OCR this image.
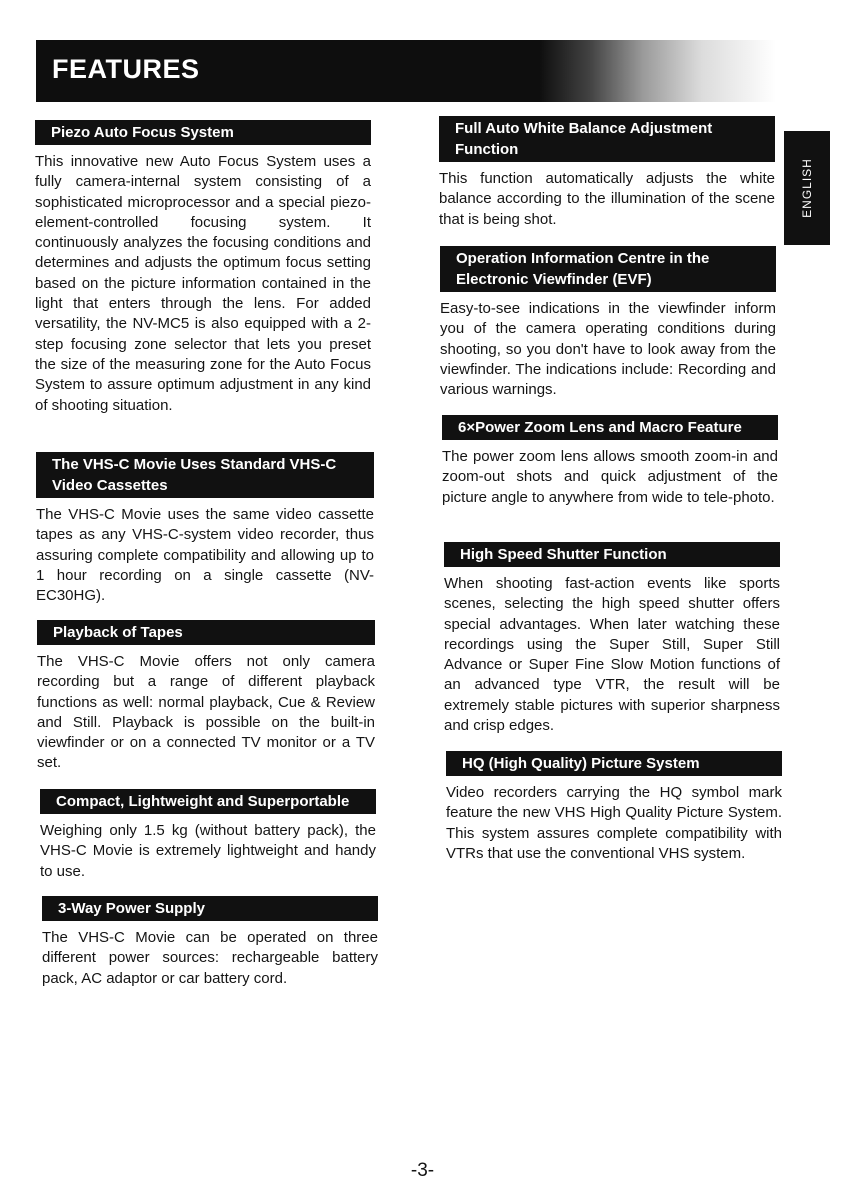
FEATURES
ENGLISH
Piezo Auto Focus System
This innovative new Auto Focus System uses a fully camera-internal system consisting of a sophisticated microprocessor and a special piezo-element-controlled focusing system. It continuously analyzes the focusing conditions and determines and adjusts the optimum focus setting based on the picture information contained in the light that enters through the lens. For added versatility, the NV-MC5 is also equipped with a 2-step focusing zone selector that lets you preset the size of the measuring zone for the Auto Focus System to assure optimum adjustment in any kind of shooting situation.
The VHS-C Movie Uses Standard VHS-C Video Cassettes
The VHS-C Movie uses the same video cassette tapes as any VHS-C-system video recorder, thus assuring complete compatibility and allowing up to 1 hour recording on a single cassette (NV-EC30HG).
Playback of Tapes
The VHS-C Movie offers not only camera recording but a range of different playback functions as well: normal playback, Cue & Review and Still. Playback is possible on the built-in viewfinder or on a connected TV monitor or a TV set.
Compact, Lightweight and Superportable
Weighing only 1.5 kg (without battery pack), the VHS-C Movie is extremely lightweight and handy to use.
3-Way Power Supply
The VHS-C Movie can be operated on three different power sources: rechargeable battery pack, AC adaptor or car battery cord.
Full Auto White Balance Adjustment Function
This function automatically adjusts the white balance according to the illumination of the scene that is being shot.
Operation Information Centre in the Electronic Viewfinder (EVF)
Easy-to-see indications in the viewfinder inform you of the camera operating conditions during shooting, so you don't have to look away from the viewfinder. The indications include: Recording and various warnings.
6×Power Zoom Lens and Macro Feature
The power zoom lens allows smooth zoom-in and zoom-out shots and quick adjustment of the picture angle to anywhere from wide to tele-photo.
High Speed Shutter Function
When shooting fast-action events like sports scenes, selecting the high speed shutter offers special advantages. When later watching these recordings using the Super Still, Super Still Advance or Super Fine Slow Motion functions of an advanced type VTR, the result will be extremely stable pictures with superior sharpness and crisp edges.
HQ (High Quality) Picture System
Video recorders carrying the HQ symbol mark feature the new VHS High Quality Picture System. This system assures complete compatibility with VTRs that use the conventional VHS system.
-3-
